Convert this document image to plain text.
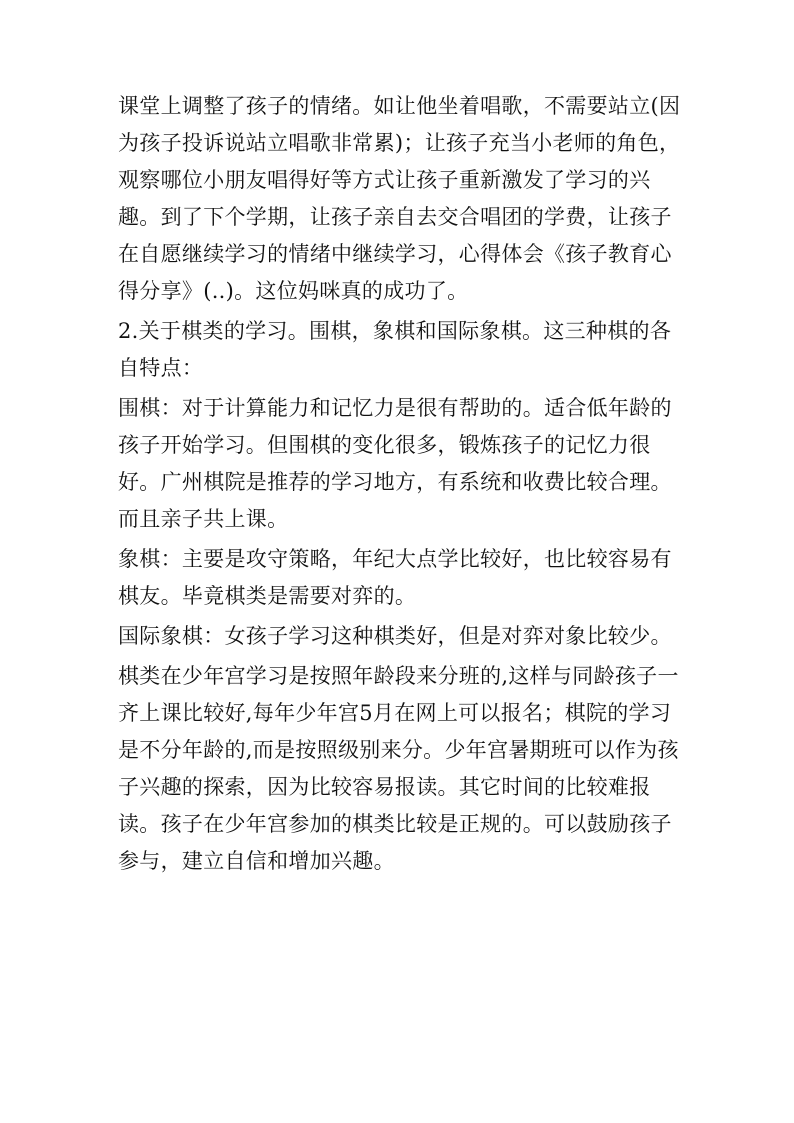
课堂上调整了孩子的情绪。如让他坐着唱歌，不需要站立(因为孩子投诉说站立唱歌非常累)；让孩子充当小老师的角色，观察哪位小朋友唱得好等方式让孩子重新激发了学习的兴趣。到了下个学期，让孩子亲自去交合唱团的学费，让孩子在自愿继续学习的情绪中继续学习，心得体会《孩子教育心得分享》(..)。这位妈咪真的成功了。

2.关于棋类的学习。围棋，象棋和国际象棋。这三种棋的各自特点：

围棋：对于计算能力和记忆力是很有帮助的。适合低年龄的孩子开始学习。但围棋的变化很多，锻炼孩子的记忆力很好。广州棋院是推荐的学习地方，有系统和收费比较合理。而且亲子共上课。

象棋：主要是攻守策略，年纪大点学比较好，也比较容易有棋友。毕竟棋类是需要对弈的。

国际象棋：女孩子学习这种棋类好，但是对弈对象比较少。

棋类在少年宫学习是按照年龄段来分班的,这样与同龄孩子一齐上课比较好,每年少年宫5月在网上可以报名；棋院的学习是不分年龄的,而是按照级别来分。少年宫暑期班可以作为孩子兴趣的探索，因为比较容易报读。其它时间的比较难报读。孩子在少年宫参加的棋类比较是正规的。可以鼓励孩子参与，建立自信和增加兴趣。
